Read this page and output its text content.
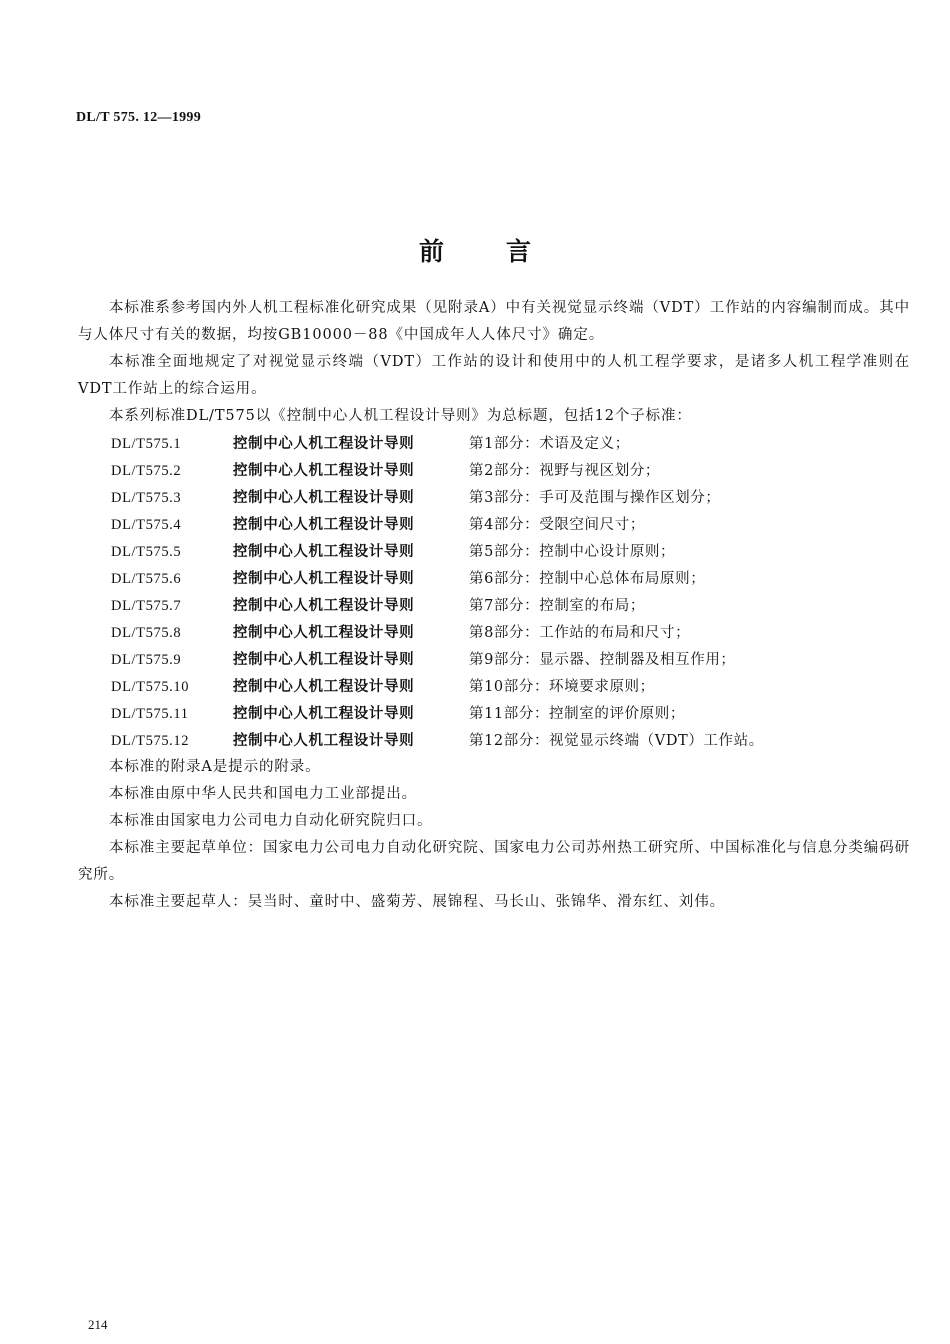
DL/T 575. 12—1999
前言

本标准系参考国内外人机工程标准化研究成果（见附录A）中有关视觉显示终端（VDT）工作站的内容编制而成。其中与人体尺寸有关的数据，均按GB10000－88《中国成年人人体尺寸》确定。

本标准全面地规定了对视觉显示终端（VDT）工作站的设计和使用中的人机工程学要求，是诸多人机工程学准则在VDT工作站上的综合运用。

本系列标准DL/T575以《控制中心人机工程设计导则》为总标题，包括12个子标准：

DL/T575.1	控制中心人机工程设计导则	第1部分：术语及定义；
DL/T575.2	控制中心人机工程设计导则	第2部分：视野与视区划分；
DL/T575.3	控制中心人机工程设计导则	第3部分：手可及范围与操作区划分；
DL/T575.4	控制中心人机工程设计导则	第4部分：受限空间尺寸；
DL/T575.5	控制中心人机工程设计导则	第5部分：控制中心设计原则；
DL/T575.6	控制中心人机工程设计导则	第6部分：控制中心总体布局原则；
DL/T575.7	控制中心人机工程设计导则	第7部分：控制室的布局；
DL/T575.8	控制中心人机工程设计导则	第8部分：工作站的布局和尺寸；
DL/T575.9	控制中心人机工程设计导则	第9部分：显示器、控制器及相互作用；
DL/T575.10	控制中心人机工程设计导则	第10部分：环境要求原则；
DL/T575.11	控制中心人机工程设计导则	第11部分：控制室的评价原则；
DL/T575.12	控制中心人机工程设计导则	第12部分：视觉显示终端（VDT）工作站。

本标准的附录A是提示的附录。

本标准由原中华人民共和国电力工业部提出。

本标准由国家电力公司电力自动化研究院归口。

本标准主要起草单位：国家电力公司电力自动化研究院、国家电力公司苏州热工研究所、中国标准化与信息分类编码研究所。

本标准主要起草人：吴当时、童时中、盛菊芳、展锦程、马长山、张锦华、滑东红、刘伟。

214
